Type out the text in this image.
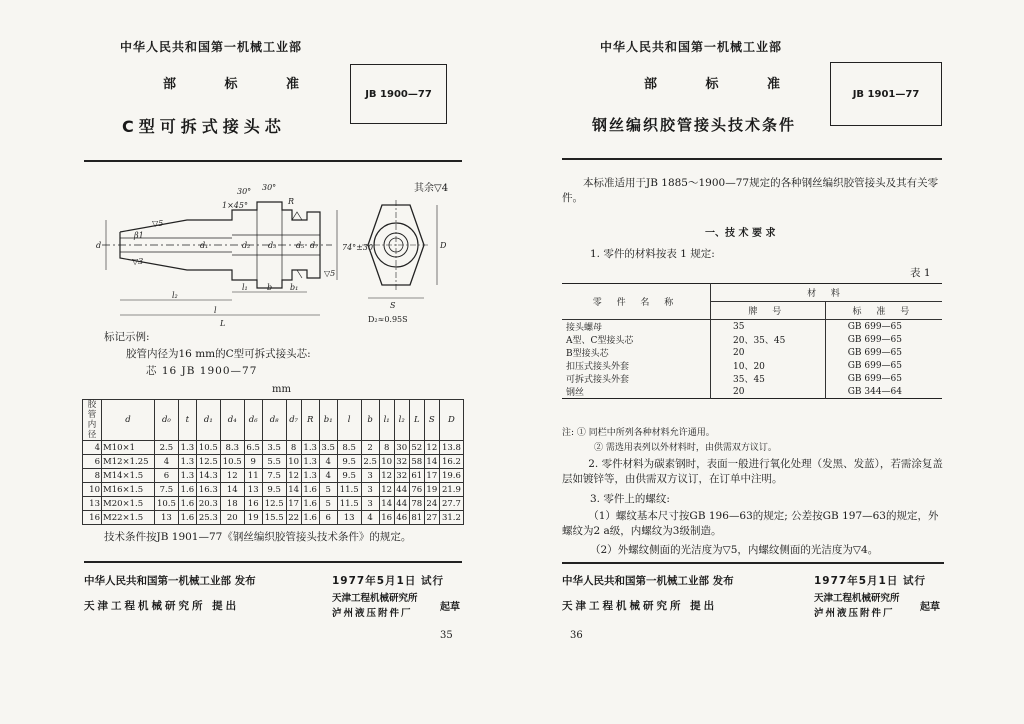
中华人民共和国第一机械工业部
部 标 准
JB 1900—77
C型可拆式接头芯
其余▽4
30° 30°
1×45°	R
▽5
β1
▽3
d	d₁	d₂ d₃ d₅ d₇
▽5
74°±30′	D
l₂
l₁ b b₁
l
L
S
D₂≈0.95S
标记示例:
胶管内径为16 mm的C型可拆式接头芯:
芯 16 JB 1900—77
mm
胶管内径	d	d₀	t	d₁	d₄	d₆	d₈	d₇	R	b₁	l	b	l₁	l₂	L	S	D
4	M10×1	2.5	1.3	10.5	8.3	6.5	3.5	8	1.3	3.5	8.5	2	8	30	52	12	13.8
6	M12×1.25	4	1.3	12.5	10.5	9	5.5	10	1.3	4	9.5	2.5	10	32	58	14	16.2
8	M14×1.5	6	1.3	14.3	12	11	7.5	12	1.3	4	9.5	3	12	32	61	17	19.6
10	M16×1.5	7.5	1.6	16.3	14	13	9.5	14	1.6	5	11.5	3	12	44	76	19	21.9
13	M20×1.5	10.5	1.6	20.3	18	16	12.5	17	1.6	5	11.5	3	14	44	78	24	27.7
16	M22×1.5	13	1.6	25.3	20	19	15.5	22	1.6	6	13	4	16	46	81	27	31.2
技术条件按JB 1901—77《钢丝编织胶管接头技术条件》的规定。
中华人民共和国第一机械工业部 发布	1977年5月1日 试行
天津工程机械研究所 提出
天津工程机械研究所
泸州液压附件厂
起草
35
中华人民共和国第一机械工业部
部 标 准
JB 1901—77
钢丝编织胶管接头技术条件
本标准适用于JB 1885～1900—77规定的各种钢丝编织胶管接头及其有关零件。
一、技 术 要 求
1. 零件的材料按表 1 规定:
表 1
零 件 名 称	材 料	
	牌 号	标 准 号
接头螺母	35	GB 699—65
A型、C型接头芯	20、35、45	GB 699—65
B型接头芯	20	GB 699—65
扣压式接头外套	10、20	GB 699—65
可拆式接头外套	35、45	GB 699—65
钢丝	20	GB 344—64
注: ① 同栏中所列各种材料允许通用。
② 需选用表列以外材料时，由供需双方议订。
2. 零件材料为碳素钢时，表面一般进行氧化处理（发黑、发蓝），若需涂复盖层如镀锌等，由供需双方议订，在订单中注明。
3. 零件上的螺纹:
（1）螺纹基本尺寸按GB 196—63的规定; 公差按GB 197—63的规定，外螺纹为2 a级，内螺纹为3级制造。
（2）外螺纹侧面的光洁度为▽5，内螺纹侧面的光洁度为▽4。
中华人民共和国第一机械工业部 发布	1977年5月1日 试行
天津工程机械研究所 提出
天津工程机械研究所
泸州液压附件厂
起草
36
